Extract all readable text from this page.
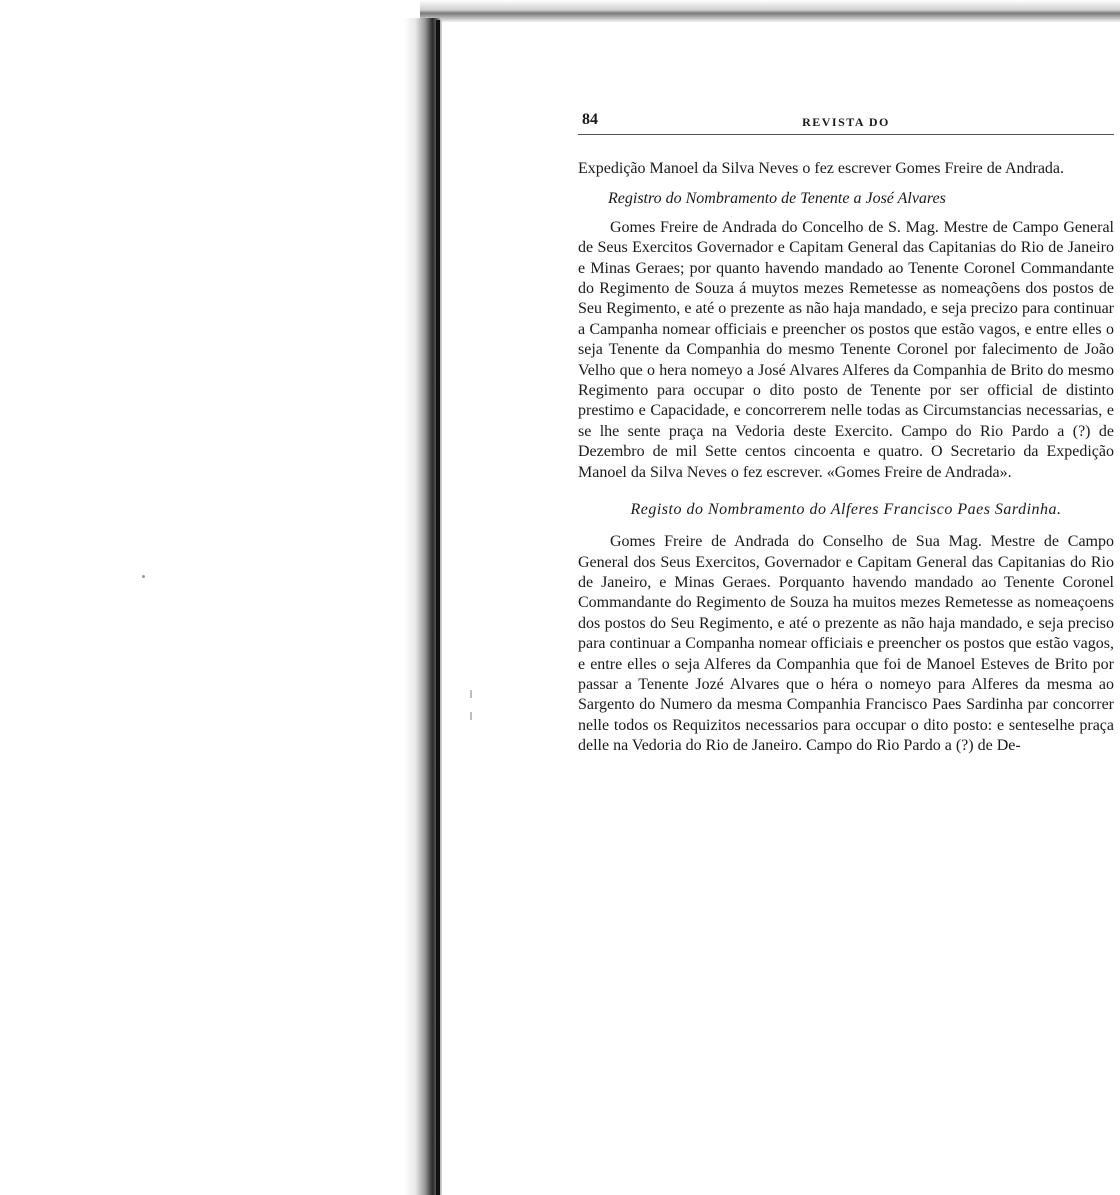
84	REVISTA DO

Expedição Manoel da Silva Neves o fez escrever Gomes Freire de Andrada.

Registro do Nombramento de Tenente a José Alvares

Gomes Freire de Andrada do Concelho de S. Mag. Mestre de Campo General de Seus Exercitos Governador e Capitam General das Capitanias do Rio de Janeiro e Minas Geraes; por quanto havendo mandado ao Tenente Coronel Commandante do Regimento de Souza á muytos mezes Remetesse as nomeaçõens dos postos de Seu Regimento, e até o prezente as não haja mandado, e seja precizo para continuar a Campanha nomear officiais e preencher os postos que estão vagos, e entre elles o seja Tenente da Companhia do mesmo Tenente Coronel por falecimento de João Velho que o hera nomeyo a José Alvares Alferes da Companhia de Brito do mesmo Regimento para occupar o dito posto de Tenente por ser official de distinto prestimo e Capacidade, e concorrerem nelle todas as Circumstancias necessarias, e se lhe sente praça na Vedoria deste Exercito. Campo do Rio Pardo a (?) de Dezembro de mil Sette centos cincoenta e quatro. O Secretario da Expedição Manoel da Silva Neves o fez escrever. «Gomes Freire de Andrada».

Registo do Nombramento do Alferes Francisco Paes Sardinha.

Gomes Freire de Andrada do Conselho de Sua Mag. Mestre de Campo General dos Seus Exercitos, Governador e Capitam General das Capitanias do Rio de Janeiro, e Minas Geraes. Porquanto havendo mandado ao Tenente Coronel Commandante do Regimento de Souza ha muitos mezes Remetesse as nomeaçoens dos postos do Seu Regimento, e até o prezente as não haja mandado, e seja preciso para continuar a Companha nomear officiais e preencher os postos que estão vagos, e entre elles o seja Alferes da Companhia que foi de Manoel Esteves de Brito por passar a Tenente Jozé Alvares que o héra o nomeyo para Alferes da mesma ao Sargento do Numero da mesma Companhia Francisco Paes Sardinha par concorrer nelle todos os Requizitos necessarios para occupar o dito posto: e senteselhe praça delle na Vedoria do Rio de Janeiro. Campo do Rio Pardo a (?) de De-
